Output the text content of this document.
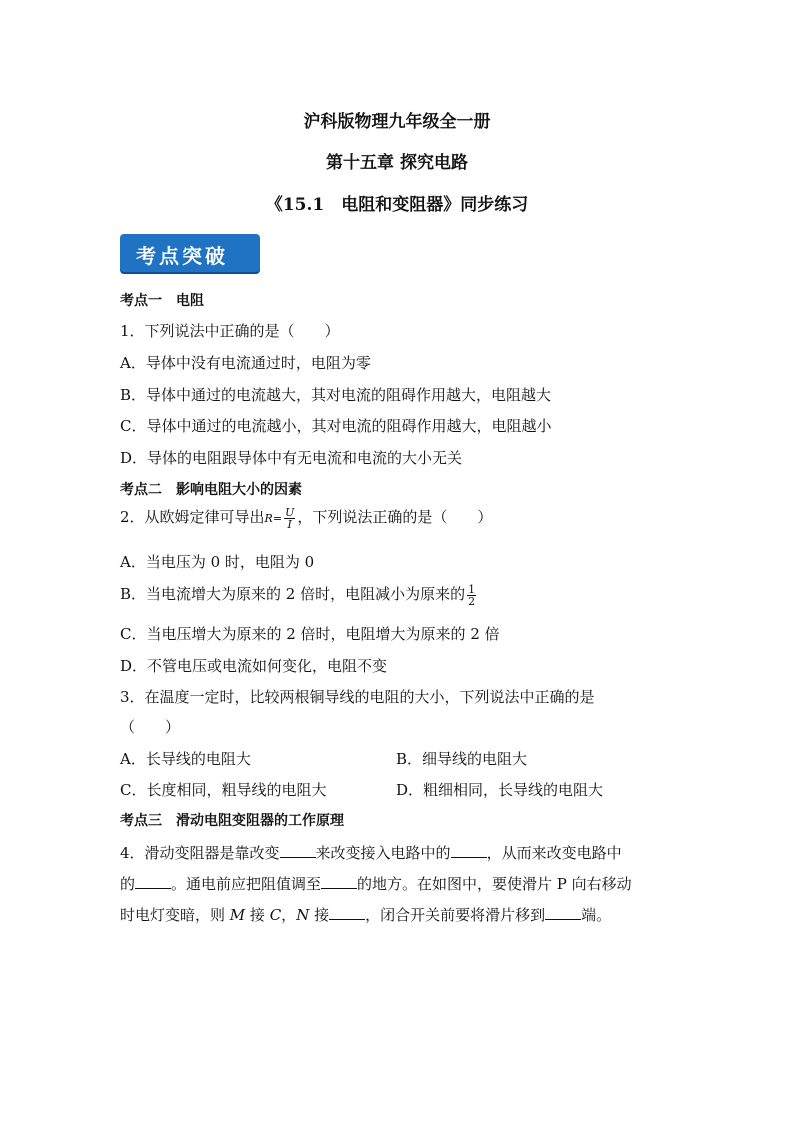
沪科版物理九年级全一册
第十五章 探究电路
《15.1　电阻和变阻器》同步练习
考点突破
考点一　电阻
1．下列说法中正确的是（　　）
A．导体中没有电流通过时，电阻为零
B．导体中通过的电流越大，其对电流的阻碍作用越大，电阻越大
C．导体中通过的电流越小，其对电流的阻碍作用越大，电阻越小
D．导体的电阻跟导体中有无电流和电流的大小无关
考点二　影响电阻大小的因素
2．从欧姆定律可导出$R= \frac{U}{I}$ ，下列说法正确的是（　　）
A．当电压为 0 时，电阻为 0
B．当电流增大为原来的 2 倍时，电阻减小为原来的 $\frac{1}{2}$
C．当电压增大为原来的 2 倍时，电阻增大为原来的 2 倍
D．不管电压或电流如何变化，电阻不变
3．在温度一定时，比较两根铜导线的电阻的大小，下列说法中正确的是
（　　）
A．长导线的电阻大	B．细导线的电阻大
C．长度相同，粗导线的电阻大	D．粗细相同，长导线的电阻大
考点三　滑动电阻变阻器的工作原理
4．滑动变阻器是靠改变 来改变接入电路中的 ，从而来改变电路中
的 。通电前应把阻值调至 的地方。在如图中，要使滑片 P 向右移动
时电灯变暗，则 M 接 C，N 接 ，闭合开关前要将滑片移到 端。
